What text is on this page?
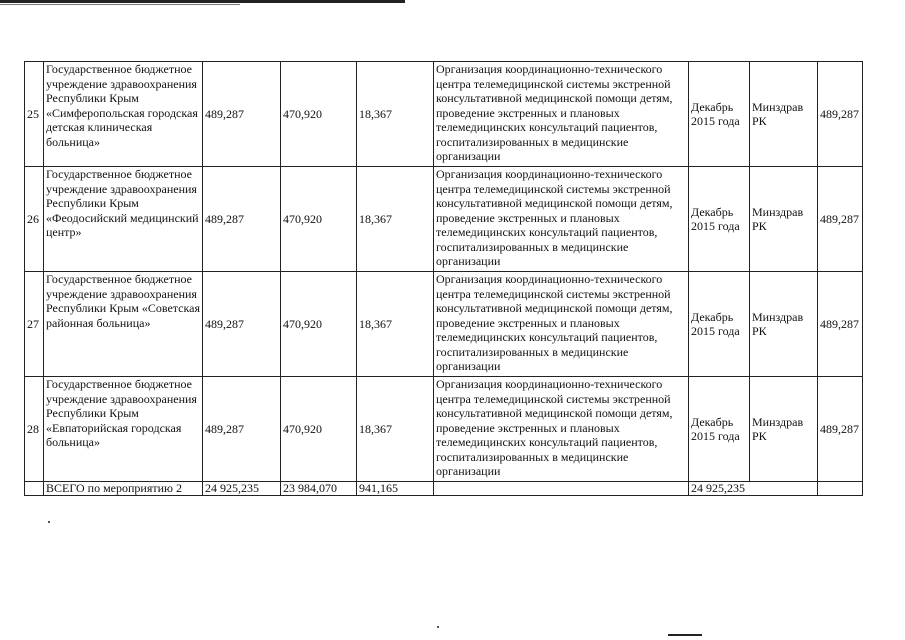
25	Государственное бюджетное учреждение здравоохранения Республики Крым «Симферопольская городская детская клиническая больница»	489,287	470,920	18,367	Организация координационно-технического центра телемедицинской системы экстренной консультативной медицинской помощи детям, проведение экстренных и плановых телемедицинских консультаций пациентов, госпитализированных в медицинские организации	Декабрь 2015 года	Минздрав РК	489,287
26	Государственное бюджетное учреждение здравоохранения Республики Крым «Феодосийский медицинский центр»	489,287	470,920	18,367	Организация координационно-технического центра телемедицинской системы экстренной консультативной медицинской помощи детям, проведение экстренных и плановых телемедицинских консультаций пациентов, госпитализированных в медицинские организации	Декабрь 2015 года	Минздрав РК	489,287
27	Государственное бюджетное учреждение здравоохранения Республики Крым «Советская районная больница»	489,287	470,920	18,367	Организация координационно-технического центра телемедицинской системы экстренной консультативной медицинской помощи детям, проведение экстренных и плановых телемедицинских консультаций пациентов, госпитализированных в медицинские организации	Декабрь 2015 года	Минздрав РК	489,287
28	Государственное бюджетное учреждение здравоохранения Республики Крым «Евпаторийская городская больница»	489,287	470,920	18,367	Организация координационно-технического центра телемедицинской системы экстренной консультативной медицинской помощи детям, проведение экстренных и плановых телемедицинских консультаций пациентов, госпитализированных в медицинские организации	Декабрь 2015 года	Минздрав РК	489,287
	ВСЕГО по мероприятию 2	24 925,235	23 984,070	941,165		24 925,235		
